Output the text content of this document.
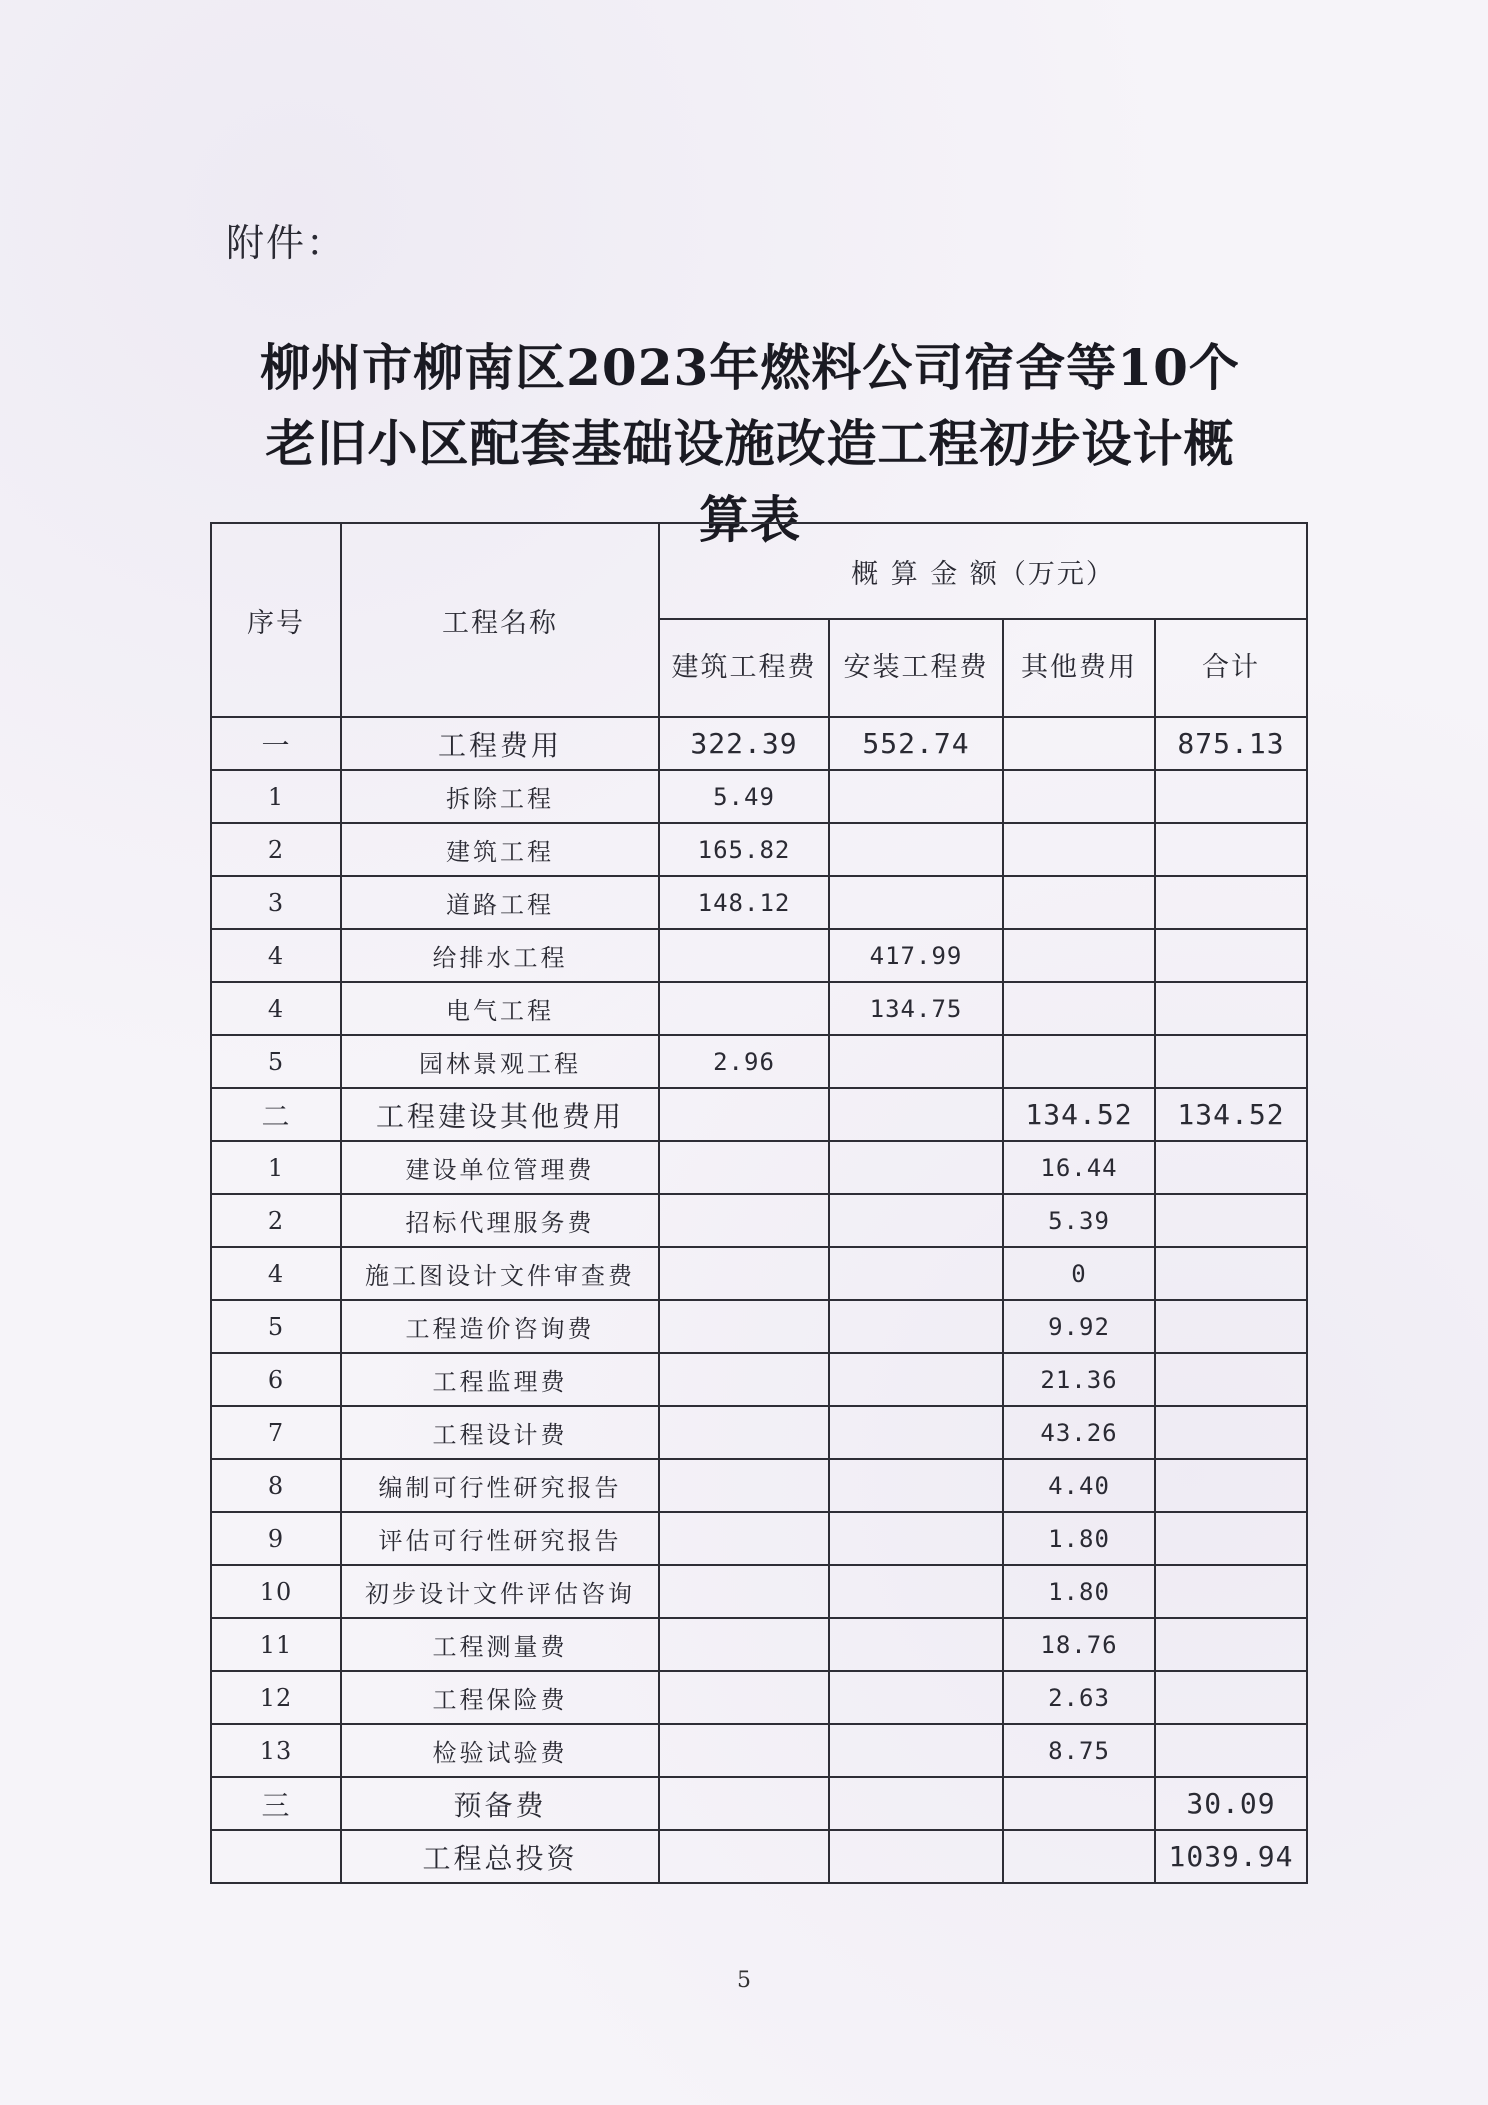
附件：
柳州市柳南区2023年燃料公司宿舍等10个
老旧小区配套基础设施改造工程初步设计概
算表
序号	工程名称	概 算 金 额（万元）			
		建筑工程费	安装工程费	其他费用	合计
一	工程费用	322.39	552.74		875.13
1	拆除工程	5.49			
2	建筑工程	165.82			
3	道路工程	148.12			
4	给排水工程		417.99		
4	电气工程		134.75		
5	园林景观工程	2.96			
二	工程建设其他费用			134.52	134.52
1	建设单位管理费			16.44	
2	招标代理服务费			5.39	
4	施工图设计文件审查费			0	
5	工程造价咨询费			9.92	
6	工程监理费			21.36	
7	工程设计费			43.26	
8	编制可行性研究报告			4.40	
9	评估可行性研究报告			1.80	
10	初步设计文件评估咨询			1.80	
11	工程测量费			18.76	
12	工程保险费			2.63	
13	检验试验费			8.75	
三	预备费				30.09
	工程总投资				1039.94
5
